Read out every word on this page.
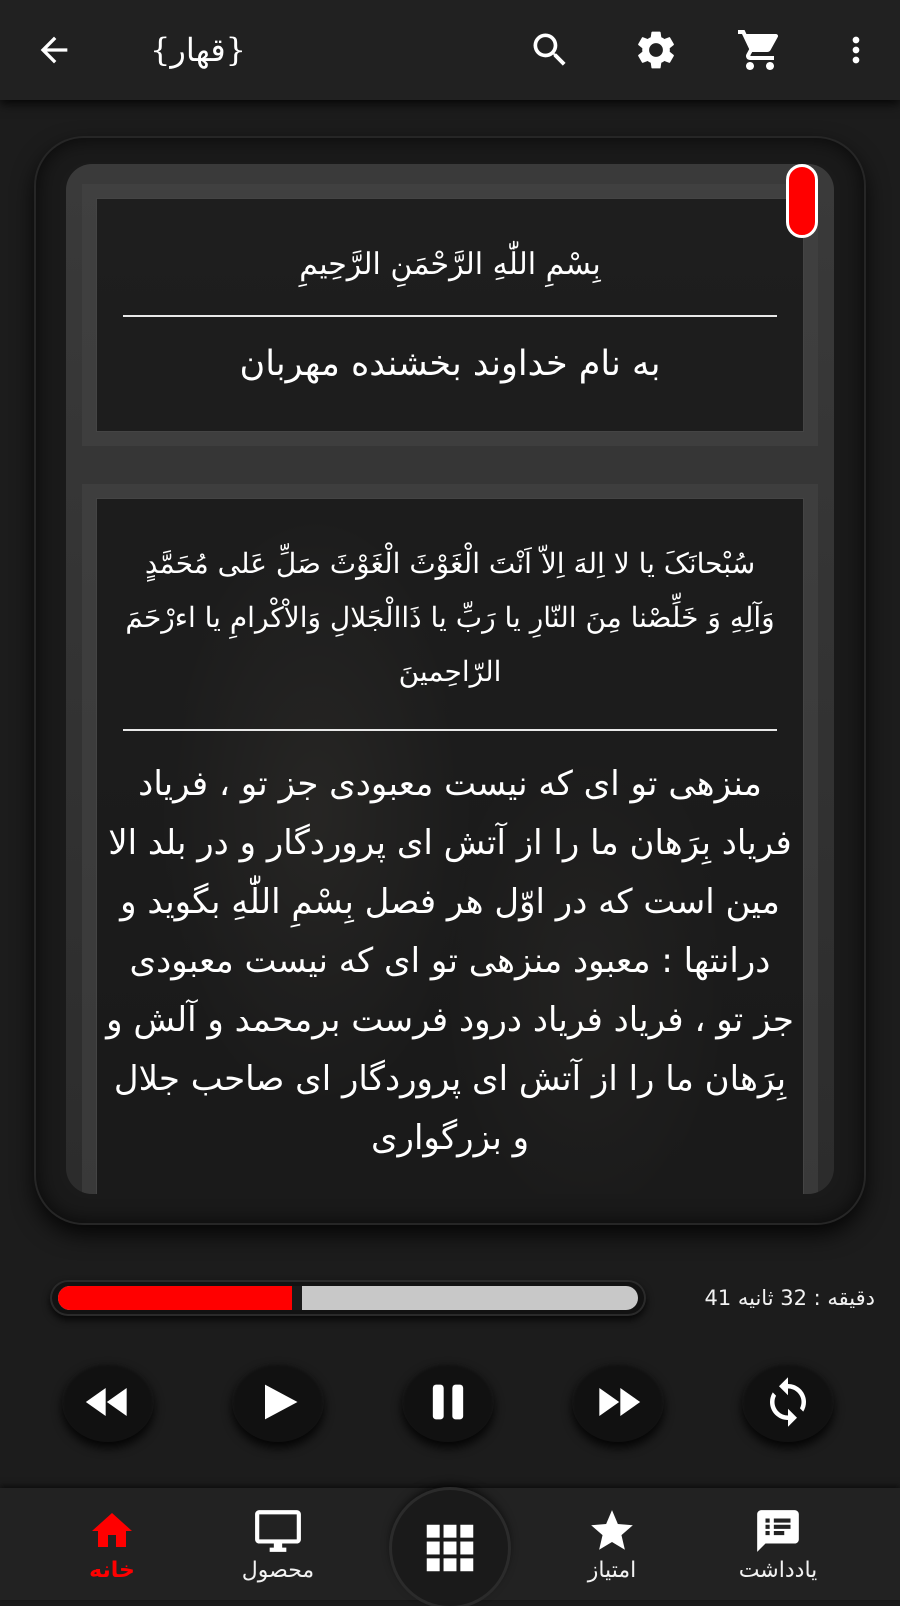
{قهار}
بِسْمِ اللّٰهِ الرَّحْمَنِ الرَّحِیمِ
به نام خداوند بخشنده مهربان
سُبْحانَکَ یا لا اِلهَ اِلاّ اَنْتَ الْغَوْثَ الْغَوْثَ صَلِّ عَلی مُحَمَّدٍ وَآلِهِ وَ خَلِّصْنا مِنَ النّارِ یا رَبِّ یا ذَاالْجَلالِ وَالاْکْرامِ یا اءرْحَمَ الرّاحِمینَ
منزهی تو ای که نیست معبودی جز تو ، فریاد فریاد بِرَهان ما را از آتش ای پروردگار و در بلد الا مین است که در اوّل هر فصل بِسْمِ اللّٰهِ بگوید و درانتها : معبود منزهی تو ای که نیست معبودی جز تو ، فریاد فریاد درود فرست برمحمد و آلش و بِرَهان ما را از آتش ای پروردگار ای صاحب جلال و بزرگواری
41 دقیقه : 32 ثانیه
خانه	محصول	امتیاز	یادداشت
